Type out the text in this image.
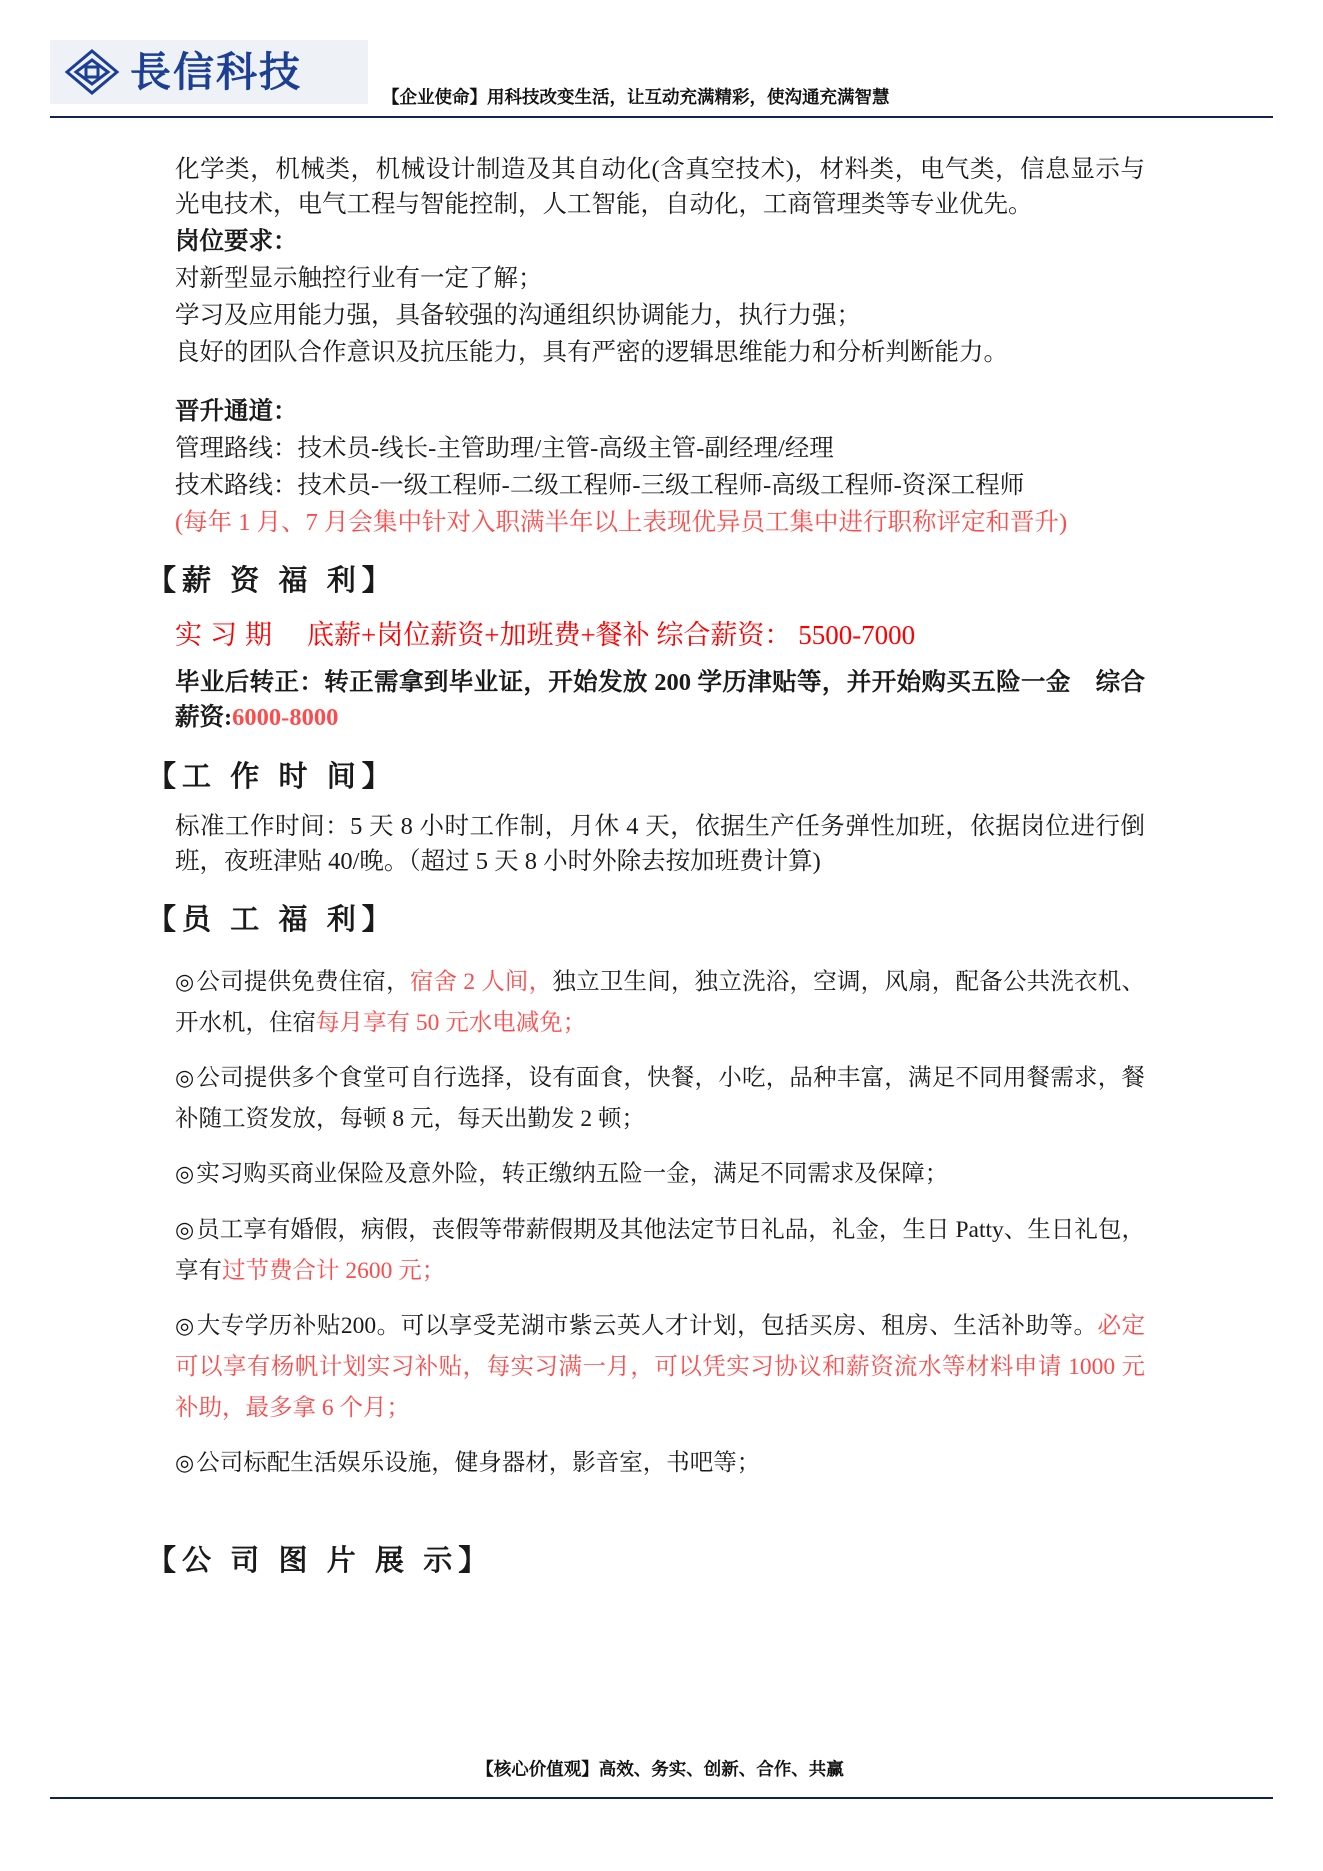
長信科技
【企业使命】用科技改变生活，让互动充满精彩，使沟通充满智慧

化学类，机械类，机械设计制造及其自动化(含真空技术)，材料类，电气类，信息显示与光电技术，电气工程与智能控制，人工智能，自动化，工商管理类等专业优先。

岗位要求：

对新型显示触控行业有一定了解；

学习及应用能力强，具备较强的沟通组织协调能力，执行力强；

良好的团队合作意识及抗压能力，具有严密的逻辑思维能力和分析判断能力。

晋升通道：

管理路线：技术员-线长-主管助理/主管-高级主管-副经理/经理

技术路线：技术员-一级工程师-二级工程师-三级工程师-高级工程师-资深工程师

(每年 1 月、7 月会集中针对入职满半年以上表现优异员工集中进行职称评定和晋升)

【薪 资 福 利】

实习期 底薪+岗位薪资+加班费+餐补 综合薪资： 5500-7000

毕业后转正：转正需拿到毕业证，开始发放 200 学历津贴等，并开始购买五险一金　综合薪资:6000-8000

【工 作 时 间】

标准工作时间：5 天 8 小时工作制，月休 4 天，依据生产任务弹性加班，依据岗位进行倒班，夜班津贴 40/晚。（超过 5 天 8 小时外除去按加班费计算)

【员 工 福 利】

◎公司提供免费住宿，宿舍 2 人间，独立卫生间，独立洗浴，空调，风扇，配备公共洗衣机、开水机，住宿每月享有 50 元水电减免；

◎公司提供多个食堂可自行选择，设有面食，快餐，小吃，品种丰富，满足不同用餐需求，餐补随工资发放，每顿 8 元，每天出勤发 2 顿；

◎实习购买商业保险及意外险，转正缴纳五险一金，满足不同需求及保障；

◎员工享有婚假，病假，丧假等带薪假期及其他法定节日礼品，礼金，生日 Patty、生日礼包，享有过节费合计 2600 元；

◎大专学历补贴200。可以享受芜湖市紫云英人才计划，包括买房、租房、生活补助等。必定可以享有杨帆计划实习补贴，每实习满一月，可以凭实习协议和薪资流水等材料申请 1000 元补助，最多拿 6 个月；

◎公司标配生活娱乐设施，健身器材，影音室，书吧等；

【公 司 图 片 展 示】

【核心价值观】高效、务实、创新、合作、共赢
